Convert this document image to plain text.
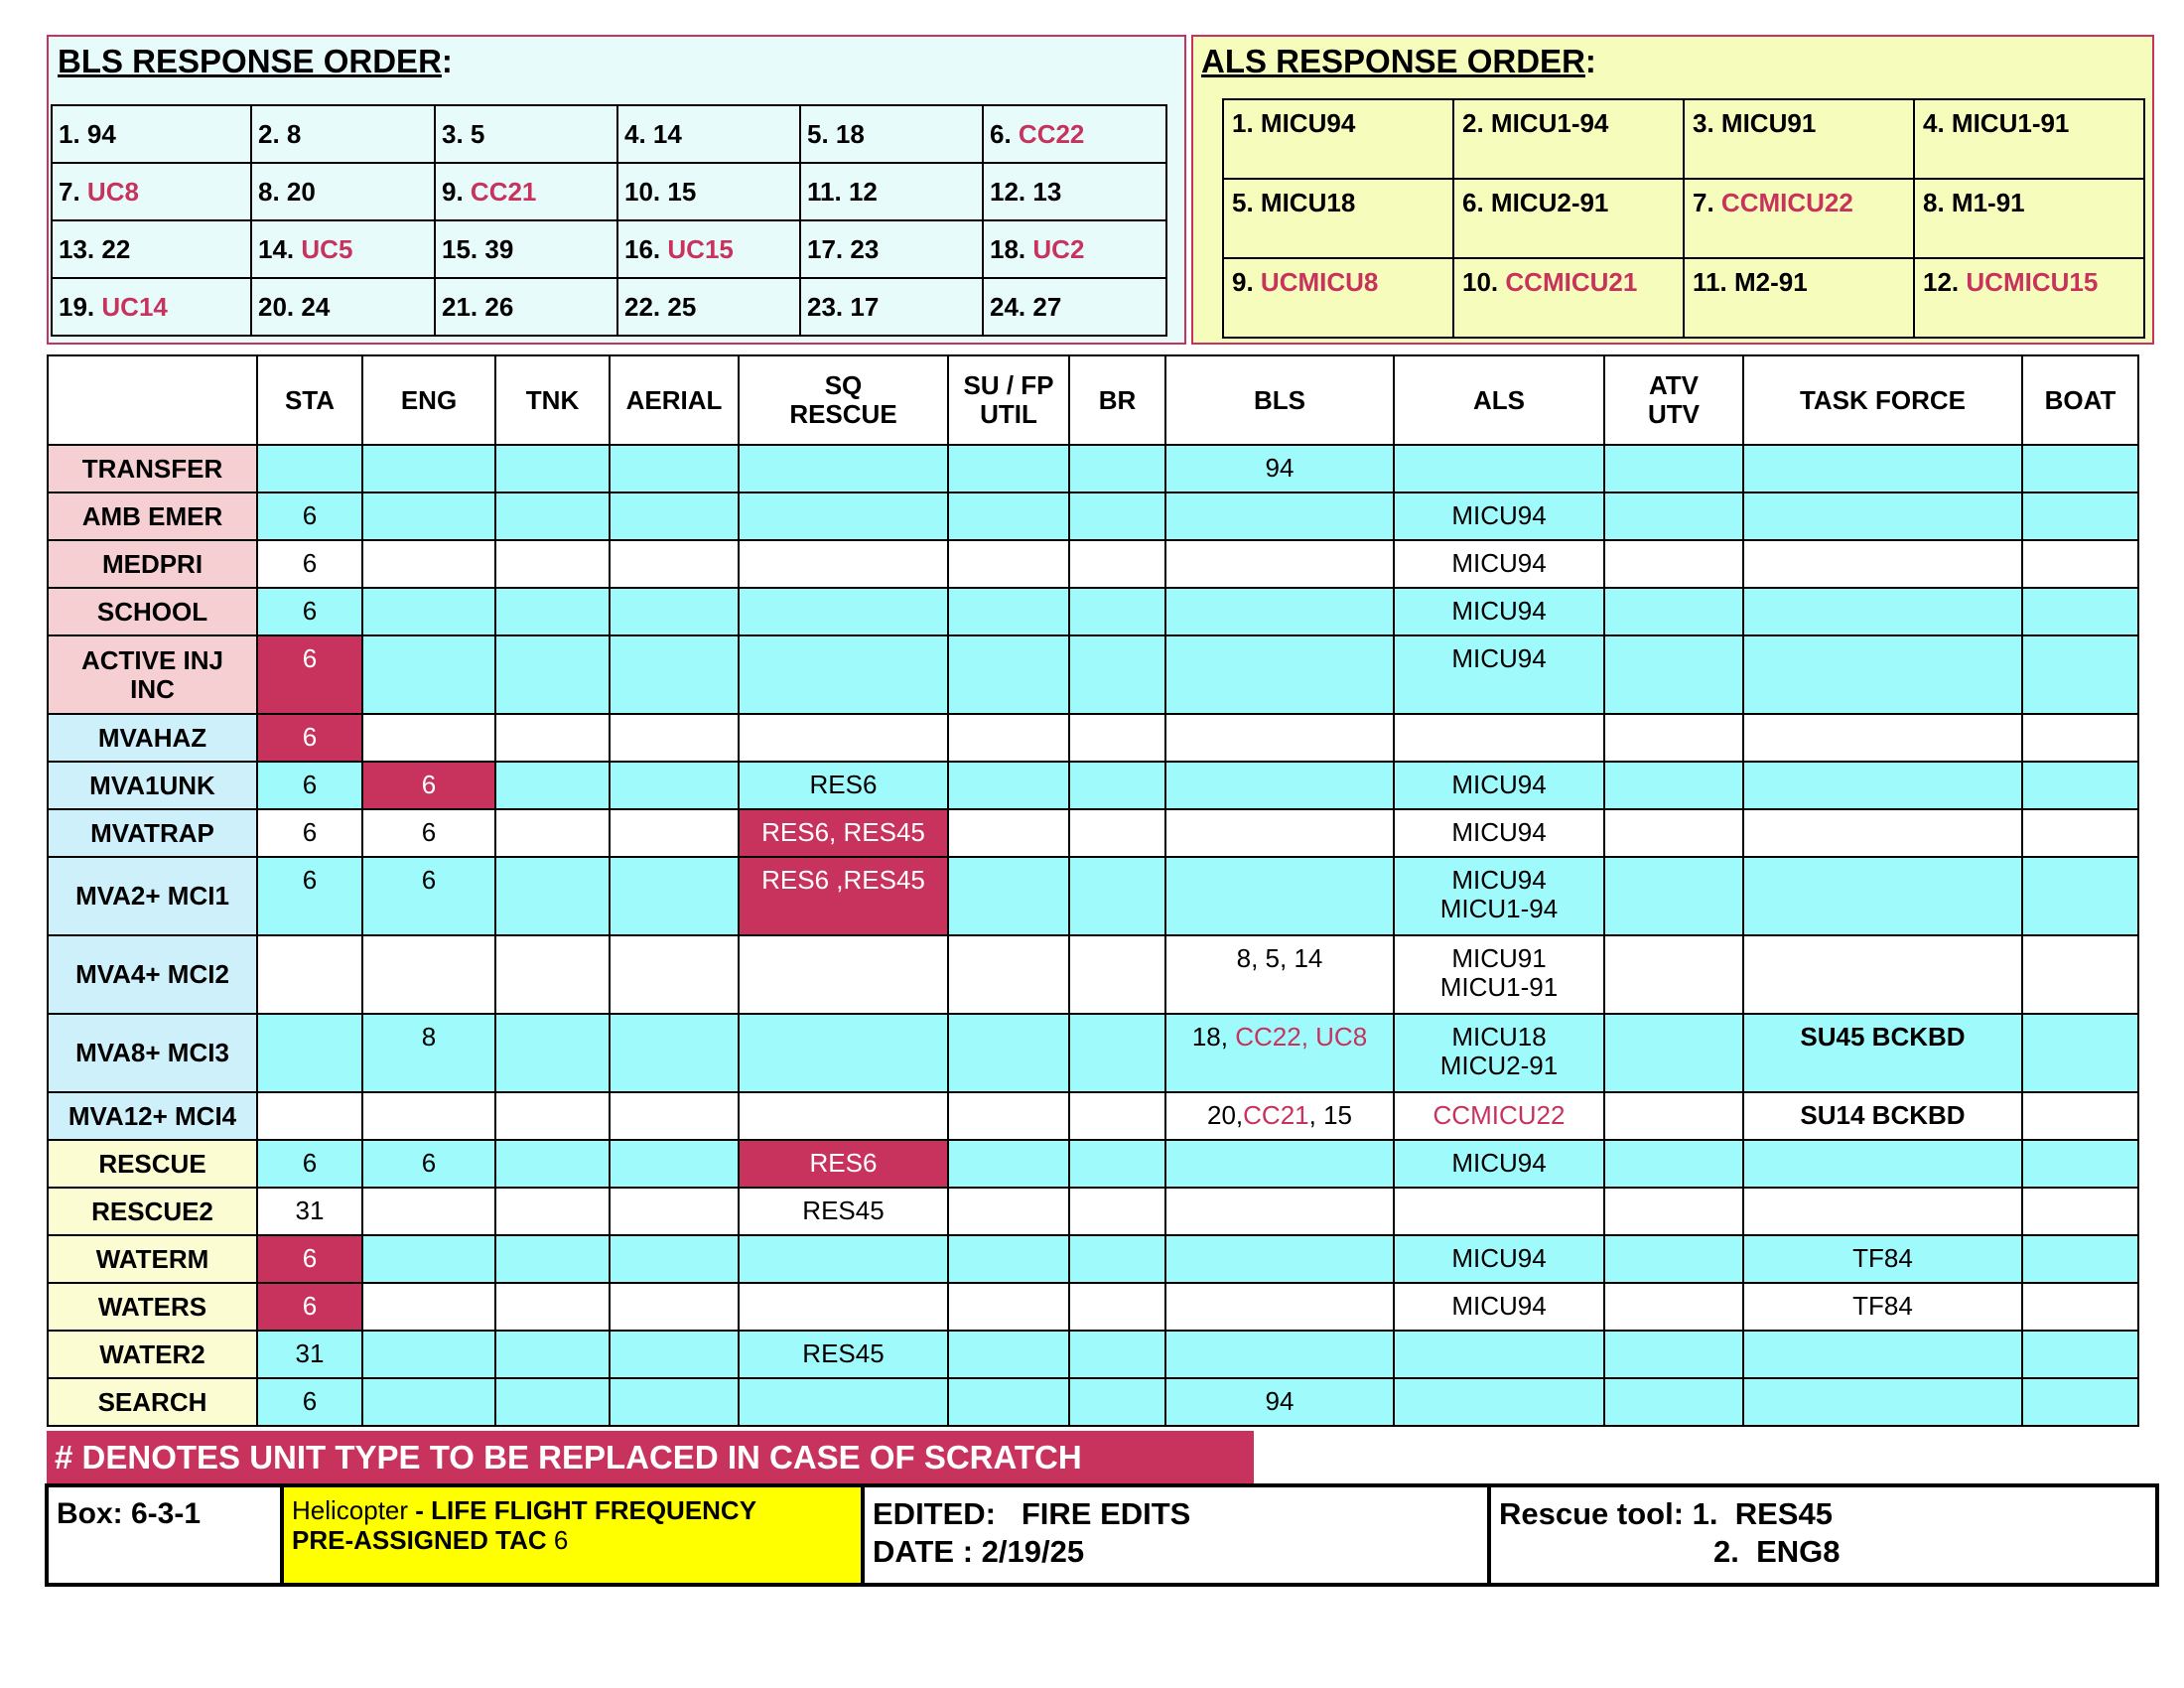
BLS RESPONSE ORDER:
1. 94	2. 8	3. 5	4. 14	5. 18	6. CC22
7. UC8	8. 20	9. CC21	10. 15	11. 12	12. 13
13. 22	14. UC5	15. 39	16. UC15	17. 23	18. UC2
19. UC14	20. 24	21. 26	22. 25	23. 17	24. 27
ALS RESPONSE ORDER:
1. MICU94	2. MICU1-94	3. MICU91	4. MICU1-91
5. MICU18	6. MICU2-91	7. CCMICU22	8. M1-91
9. UCMICU8	10. CCMICU21	11. M2-91	12. UCMICU15
	STA	ENG	TNK	AERIAL	SQ
RESCUE	SU / FP
UTIL	BR	BLS	ALS	ATV
UTV	TASK FORCE	BOAT
TRANSFER								94				
AMB EMER	6								MICU94			
MEDPRI	6								MICU94			
SCHOOL	6								MICU94			
ACTIVE INJ
INC	6								MICU94			
MVAHAZ	6											
MVA1UNK	6	6			RES6				MICU94			
MVATRAP	6	6			RES6, RES45				MICU94			
MVA2+ MCI1	6	6			RES6 ,RES45				MICU94
MICU1-94			
MVA4+ MCI2								8, 5, 14	MICU91
MICU1-91			
MVA8+ MCI3		8						18, CC22, UC8	MICU18
MICU2-91		SU45 BCKBD	
MVA12+ MCI4								20,CC21, 15	CCMICU22		SU14 BCKBD	
RESCUE	6	6			RES6				MICU94			
RESCUE2	31				RES45							
WATERM	6								MICU94		TF84	
WATERS	6								MICU94		TF84	
WATER2	31				RES45							
SEARCH	6							94				
# DENOTES UNIT TYPE TO BE REPLACED IN CASE OF SCRATCH
Box: 6-3-1	Helicopter - LIFE FLIGHT FREQUENCY
PRE-ASSIGNED TAC 6
EDITED:   FIRE EDITS
DATE : 2/19/25
Rescue tool: 1.  RES45
2.  ENG8
